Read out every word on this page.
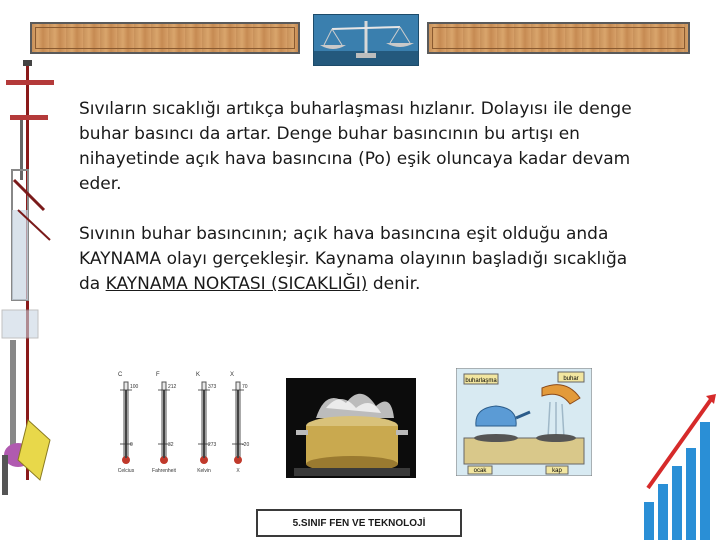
Sıvıların sıcaklığı artıkça buharlaşması hızlanır. Dolayısı ile denge buhar basıncı da artar. Denge buhar basıncının bu artışı en nihayetinde açık hava basıncına (Po) eşik oluncaya kadar devam eder.

Sıvının buhar basıncının; açık hava basıncına eşit olduğu anda KAYNAMA olayı gerçekleşir. Kaynama olayının başladığı sıcaklığa da KAYNAMA NOKTASI (SICAKLIĞI) denir.

C
100
0
Celcius
F
212
32
Fahrenheit
K
373
273
Kelvin
X
70
-20
X
buharlaşma	buhar
ocak	kap
5.SINIF FEN VE TEKNOLOJİ
